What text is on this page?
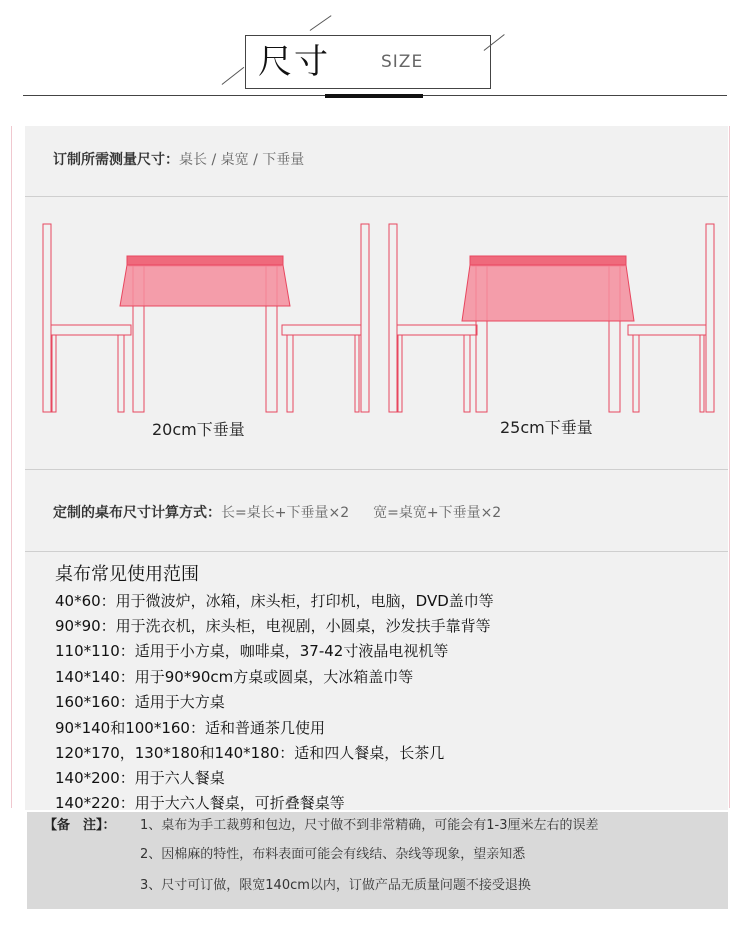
尺寸	SIZE
订制所需测量尺寸：桌长 / 桌宽 / 下垂量
20cm下垂量	25cm下垂量
定制的桌布尺寸计算方式：长=桌长+下垂量×2 宽=桌宽+下垂量×2
桌布常见使用范围
40*60：用于微波炉，冰箱，床头柜，打印机，电脑，DVD盖巾等
90*90：用于洗衣机，床头柜，电视剧，小圆桌，沙发扶手靠背等
110*110：适用于小方桌，咖啡桌，37-42寸液晶电视机等
140*140：用于90*90cm方桌或圆桌，大冰箱盖巾等
160*160：适用于大方桌
90*140和100*160：适和普通茶几使用
120*170，130*180和140*180：适和四人餐桌，长茶几
140*200：用于六人餐桌
140*220：用于大六人餐桌，可折叠餐桌等
【备　注】： 1、桌布为手工裁剪和包边，尺寸做不到非常精确，可能会有1-3厘米左右的误差
2、因棉麻的特性，布料表面可能会有线结、杂线等现象，望亲知悉
3、尺寸可订做，限宽140cm以内，订做产品无质量问题不接受退换
